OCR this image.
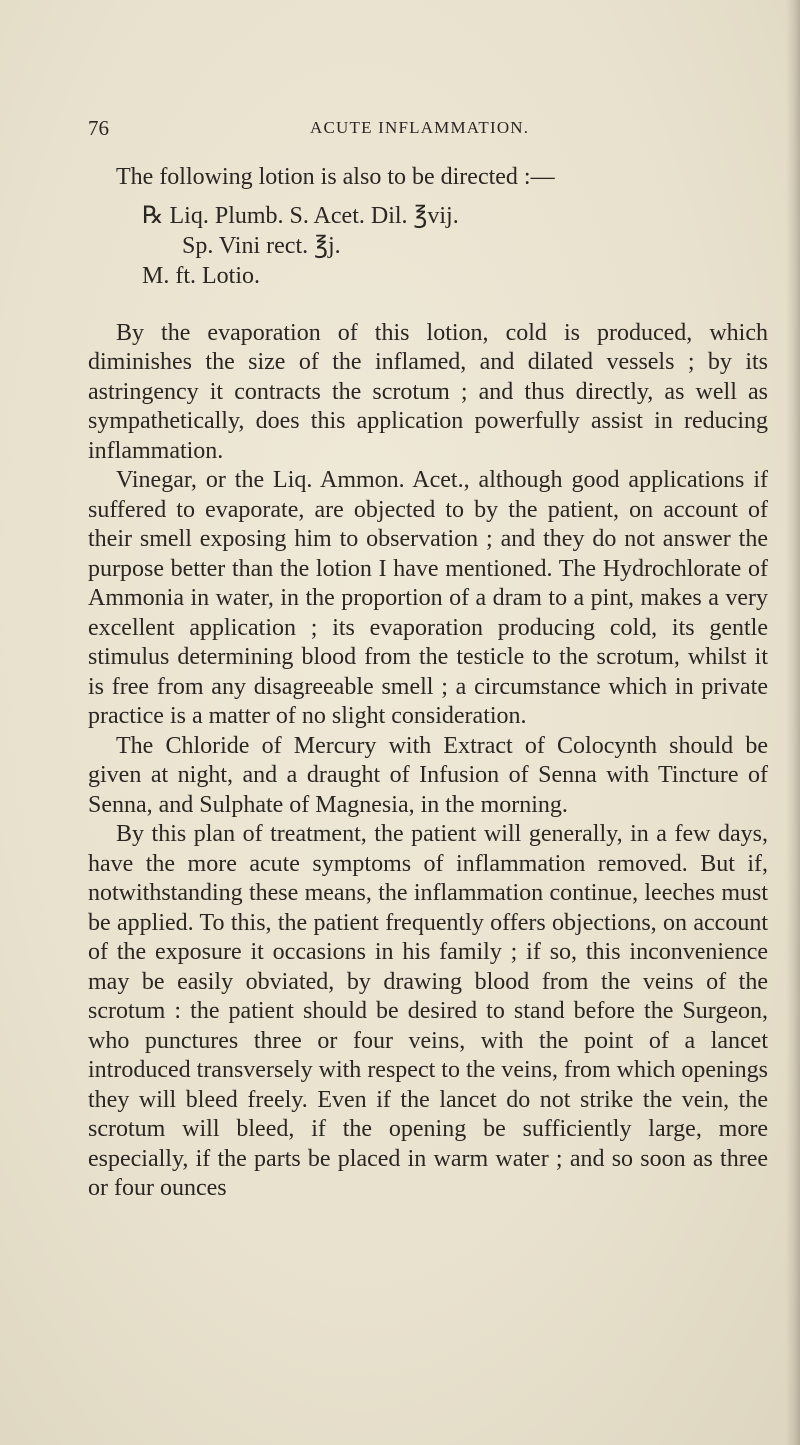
76	ACUTE INFLAMMATION.

The following lotion is also to be directed :—

℞ Liq. Plumb. S. Acet. Dil. ℥vij.
Sp. Vini rect. ℥j.
M. ft. Lotio.

By the evaporation of this lotion, cold is produced, which diminishes the size of the inflamed, and dilated vessels ; by its astringency it contracts the scrotum ; and thus directly, as well as sympathetically, does this application powerfully assist in reducing inflammation.

Vinegar, or the Liq. Ammon. Acet., although good applications if suffered to evaporate, are objected to by the patient, on account of their smell exposing him to observation ; and they do not answer the purpose better than the lotion I have mentioned. The Hydrochlorate of Ammonia in water, in the proportion of a dram to a pint, makes a very excellent application ; its evaporation producing cold, its gentle stimulus determining blood from the testicle to the scrotum, whilst it is free from any disagreeable smell ; a circumstance which in private practice is a matter of no slight consideration.

The Chloride of Mercury with Extract of Colocynth should be given at night, and a draught of Infusion of Senna with Tincture of Senna, and Sulphate of Magnesia, in the morning.

By this plan of treatment, the patient will generally, in a few days, have the more acute symptoms of inflammation removed. But if, notwithstanding these means, the inflammation continue, leeches must be applied. To this, the patient frequently offers objections, on account of the exposure it occasions in his family ; if so, this inconvenience may be easily obviated, by drawing blood from the veins of the scrotum : the patient should be desired to stand before the Surgeon, who punctures three or four veins, with the point of a lancet introduced transversely with respect to the veins, from which openings they will bleed freely. Even if the lancet do not strike the vein, the scrotum will bleed, if the opening be sufficiently large, more especially, if the parts be placed in warm water ; and so soon as three or four ounces
